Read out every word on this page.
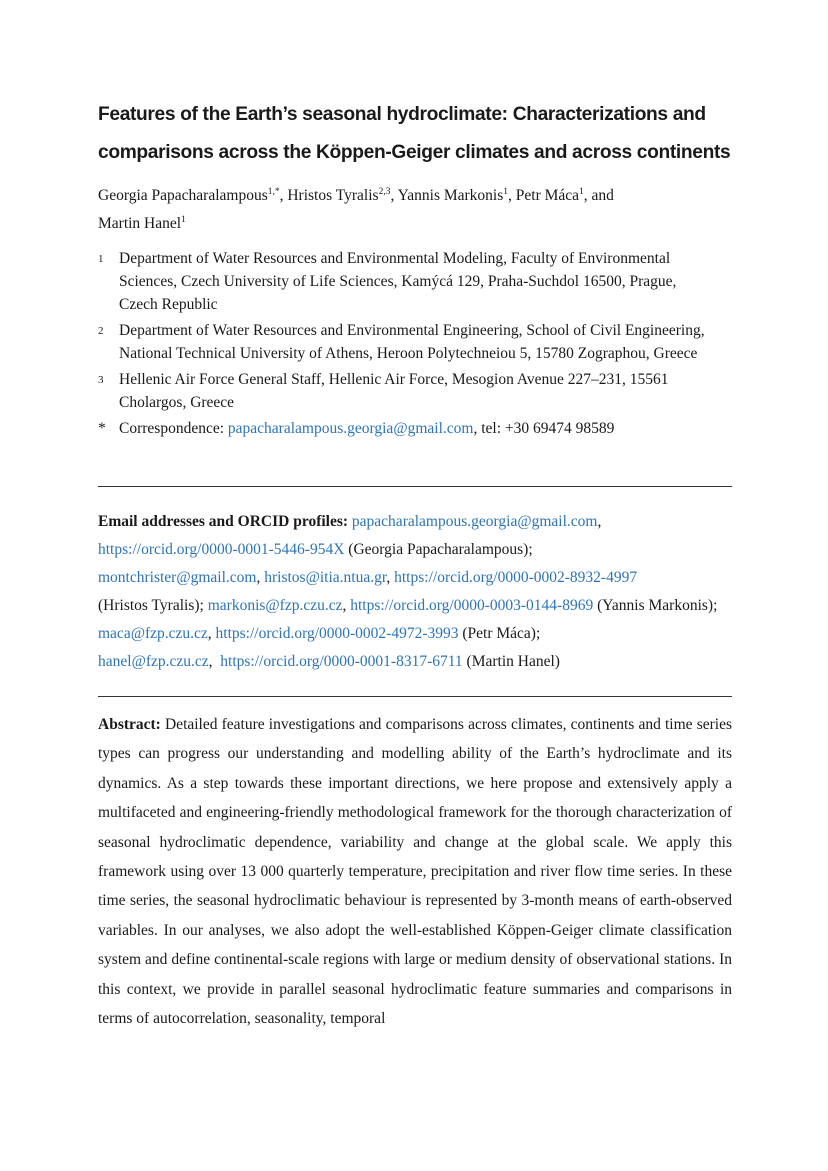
Features of the Earth’s seasonal hydroclimate: Characterizations and comparisons across the Köppen-Geiger climates and across continents
Georgia Papacharalampous$^{1,*}$, Hristos Tyralis$^{2,3}$, Yannis Markonis$^1$, Petr Máca$^1$, and
Martin Hanel$^1$
1	Department of Water Resources and Environmental Modeling, Faculty of Environmental Sciences, Czech University of Life Sciences, Kamýcá 129, Praha-Suchdol 16500, Prague, Czech Republic
2	Department of Water Resources and Environmental Engineering, School of Civil Engineering, National Technical University of Athens, Heroon Polytechneiou 5, 15780 Zographou, Greece
3	Hellenic Air Force General Staff, Hellenic Air Force, Mesogion Avenue 227–231, 15561 Cholargos, Greece
* Correspondence: papacharalampous.georgia@gmail.com, tel: +30 69474 98589
Email addresses and ORCID profiles: papacharalampous.georgia@gmail.com,
https://orcid.org/0000-0001-5446-954X (Georgia Papacharalampous);
montchrister@gmail.com, hristos@itia.ntua.gr, https://orcid.org/0000-0002-8932-4997
(Hristos Tyralis); markonis@fzp.czu.cz, https://orcid.org/0000-0003-0144-8969 (Yannis Markonis); maca@fzp.czu.cz, https://orcid.org/0000-0002-4972-3993 (Petr Máca);
hanel@fzp.czu.cz,  https://orcid.org/0000-0001-8317-6711 (Martin Hanel)

Abstract: Detailed feature investigations and comparisons across climates, continents and time series types can progress our understanding and modelling ability of the Earth’s hydroclimate and its dynamics. As a step towards these important directions, we here propose and extensively apply a multifaceted and engineering-friendly methodological framework for the thorough characterization of seasonal hydroclimatic dependence, variability and change at the global scale. We apply this framework using over 13 000 quarterly temperature, precipitation and river flow time series. In these time series, the seasonal hydroclimatic behaviour is represented by 3-month means of earth-observed variables. In our analyses, we also adopt the well-established Köppen-Geiger climate classification system and define continental-scale regions with large or medium density of observational stations. In this context, we provide in parallel seasonal hydroclimatic feature summaries and comparisons in terms of autocorrelation, seasonality, temporal
